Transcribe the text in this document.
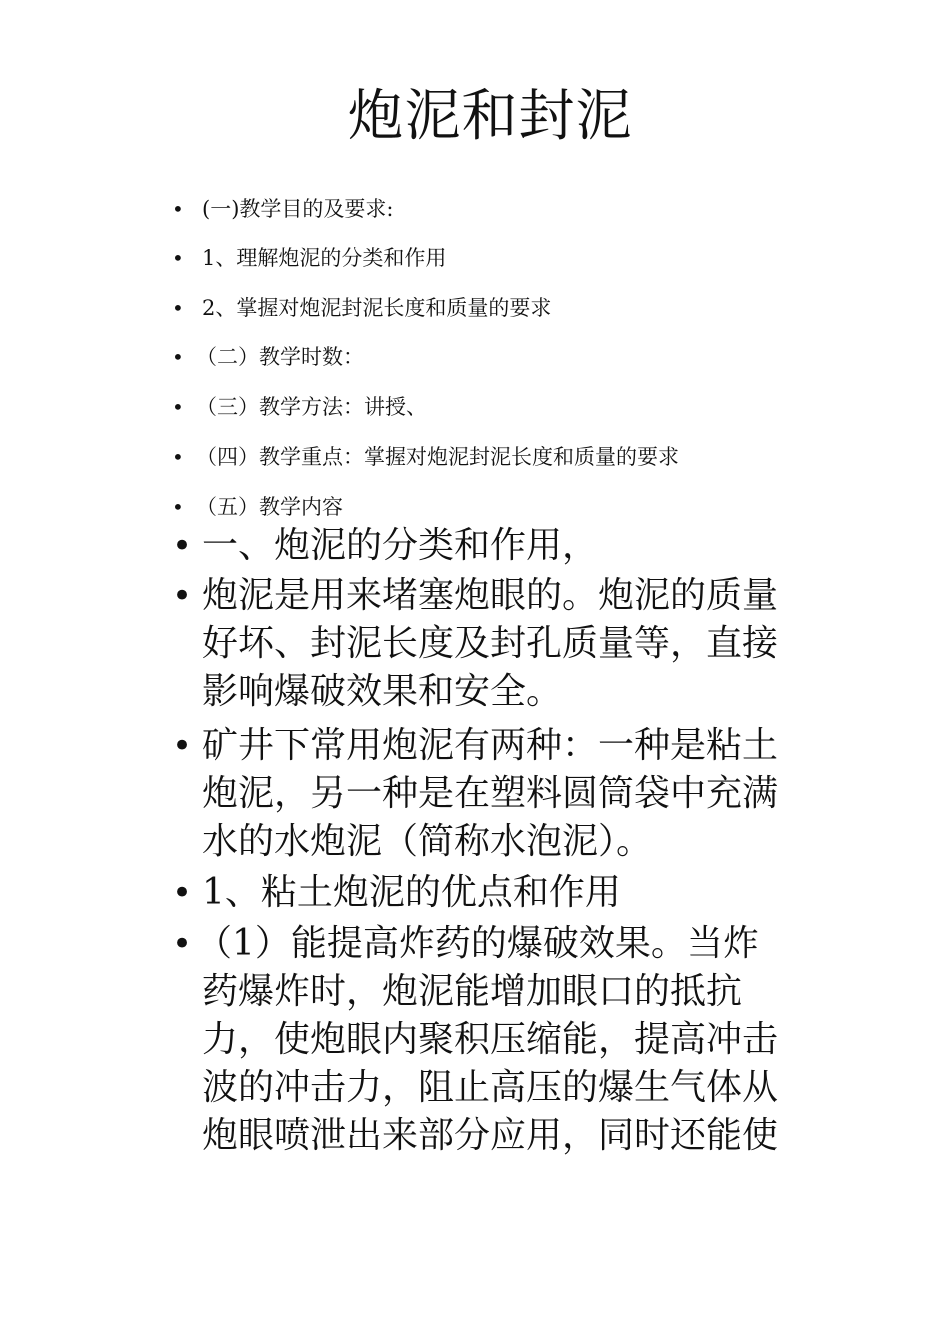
炮泥和封泥
• (一)教学目的及要求:
• 1、理解炮泥的分类和作用
• 2、掌握对炮泥封泥长度和质量的要求
• （二）教学时数：
• （三）教学方法：讲授、
• （四）教学重点：掌握对炮泥封泥长度和质量的要求
• （五）教学内容
• 一、炮泥的分类和作用，
• 炮泥是用来堵塞炮眼的。炮泥的质量
好坏、封泥长度及封孔质量等，直接
影响爆破效果和安全。
• 矿井下常用炮泥有两种：一种是粘土
炮泥，另一种是在塑料圆筒袋中充满
水的水炮泥（简称水泡泥）。
• 1、粘土炮泥的优点和作用
• （1）能提高炸药的爆破效果。当炸
药爆炸时，炮泥能增加眼口的抵抗
力，使炮眼内聚积压缩能，提高冲击
波的冲击力，阻止高压的爆生气体从
炮眼喷泄出来部分应用，同时还能使
